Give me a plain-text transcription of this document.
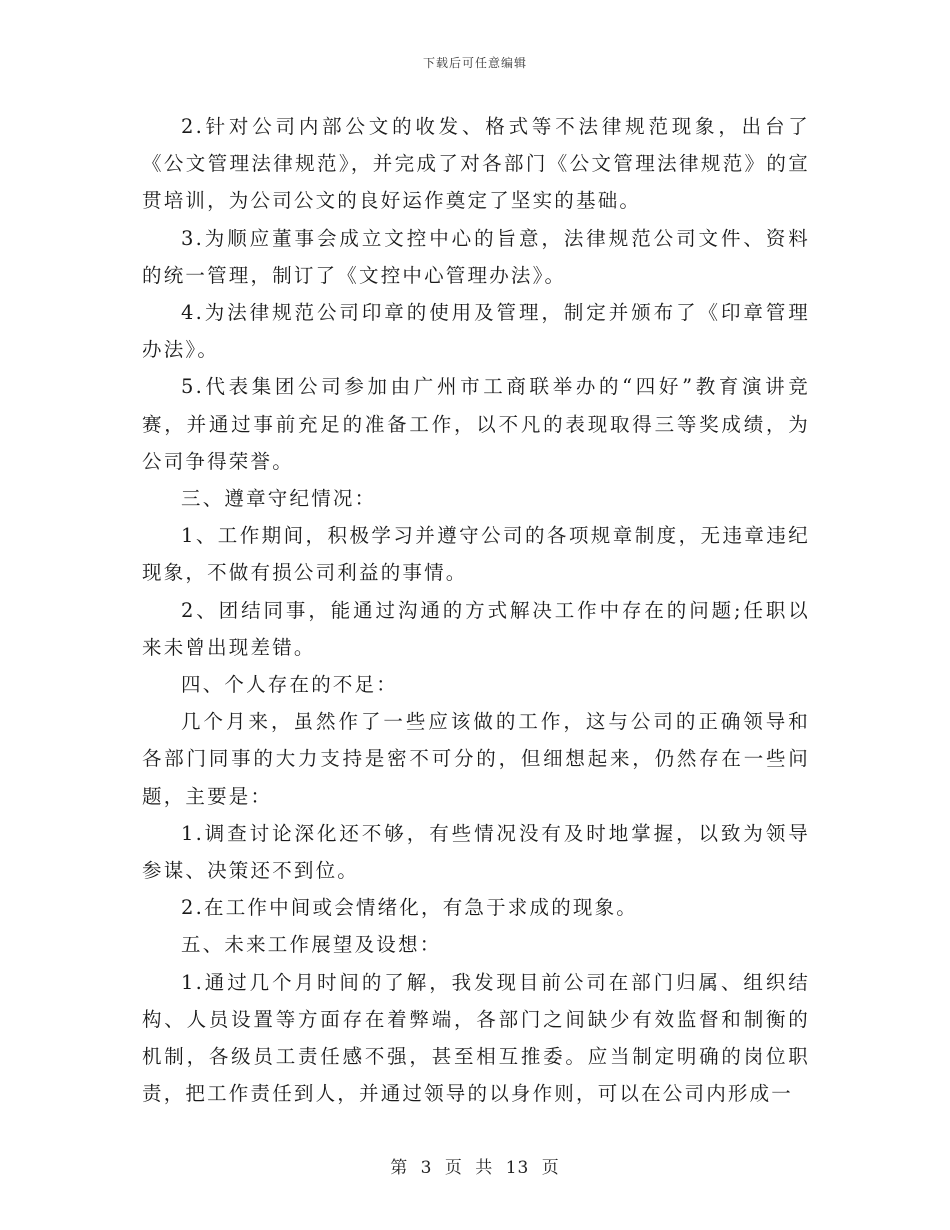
下载后可任意编辑

2.针对公司内部公文的收发、格式等不法律规范现象，出台了《公文管理法律规范》，并完成了对各部门《公文管理法律规范》的宣贯培训，为公司公文的良好运作奠定了坚实的基础。

3.为顺应董事会成立文控中心的旨意，法律规范公司文件、资料的统一管理，制订了《文控中心管理办法》。

4.为法律规范公司印章的使用及管理，制定并颁布了《印章管理办法》。

5.代表集团公司参加由广州市工商联举办的“四好”教育演讲竞赛，并通过事前充足的准备工作，以不凡的表现取得三等奖成绩，为公司争得荣誉。

三、遵章守纪情况：

1、工作期间，积极学习并遵守公司的各项规章制度，无违章违纪现象，不做有损公司利益的事情。

2、团结同事，能通过沟通的方式解决工作中存在的问题;任职以来未曾出现差错。

四、个人存在的不足：

几个月来，虽然作了一些应该做的工作，这与公司的正确领导和各部门同事的大力支持是密不可分的，但细想起来，仍然存在一些问题，主要是：

1.调查讨论深化还不够，有些情况没有及时地掌握，以致为领导参谋、决策还不到位。

2.在工作中间或会情绪化，有急于求成的现象。

五、未来工作展望及设想：

1.通过几个月时间的了解，我发现目前公司在部门归属、组织结构、人员设置等方面存在着弊端，各部门之间缺少有效监督和制衡的机制，各级员工责任感不强，甚至相互推委。应当制定明确的岗位职责，把工作责任到人，并通过领导的以身作则，可以在公司内形成一

第 3 页 共 13 页
